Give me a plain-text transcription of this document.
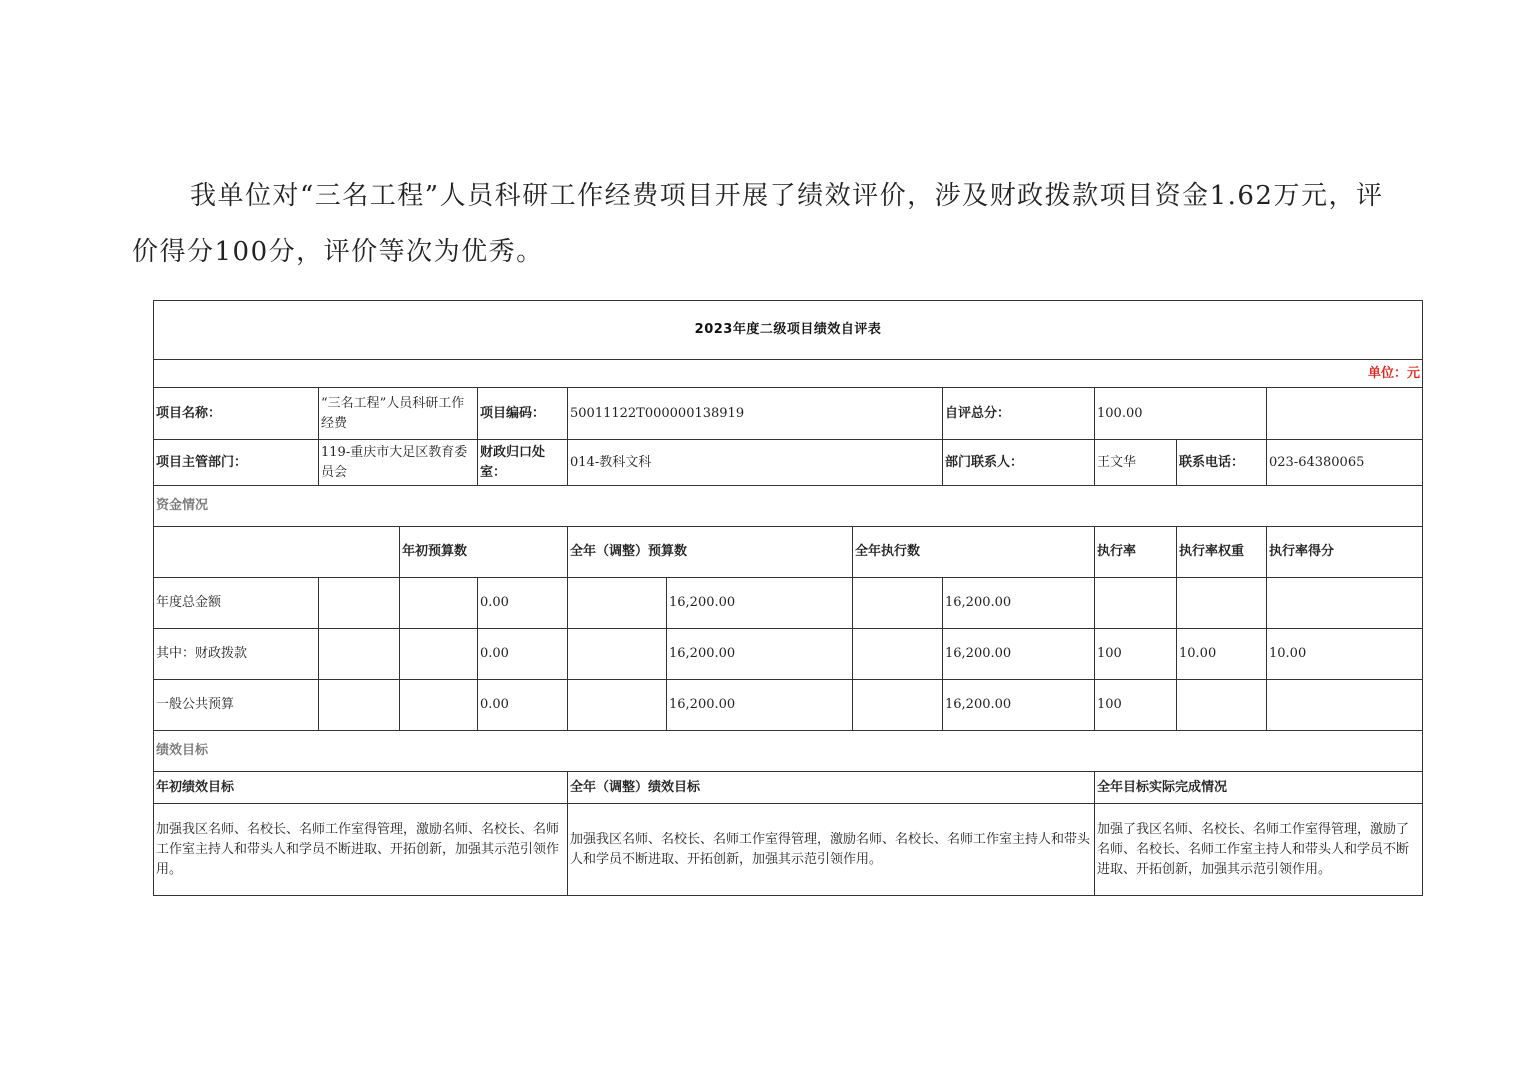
我单位对“三名工程”人员科研工作经费项目开展了绩效评价，涉及财政拨款项目资金1.62万元，评价得分100分，评价等次为优秀。

2023年度二级项目绩效自评表										
单位：元										
项目名称：	“三名工程”人员科研工作经费		项目编码：	50011122T000000138919			自评总分：	100.00		
项目主管部门：	119-重庆市大足区教育委员会		财政归口处室：	014-教科文科			部门联系人：	王文华	联系电话：	023-64380065
资金情况										
		年初预算数		全年（调整）预算数		全年执行数		执行率	执行率权重	执行率得分
年度总金额			0.00		16,200.00		16,200.00			
其中：财政拨款			0.00		16,200.00		16,200.00	100	10.00	10.00
一般公共预算			0.00		16,200.00		16,200.00	100		
绩效目标										
年初绩效目标				全年（调整）绩效目标				全年目标实际完成情况		
加强我区名师、名校长、名师工作室得管理，激励名师、名校长、名师工作室主持人和带头人和学员不断进取、开拓创新，加强其示范引领作用。				加强我区名师、名校长、名师工作室得管理，激励名师、名校长、名师工作室主持人和带头人和学员不断进取、开拓创新，加强其示范引领作用。				加强了我区名师、名校长、名师工作室得管理，激励了名师、名校长、名师工作室主持人和带头人和学员不断进取、开拓创新，加强其示范引领作用。		
